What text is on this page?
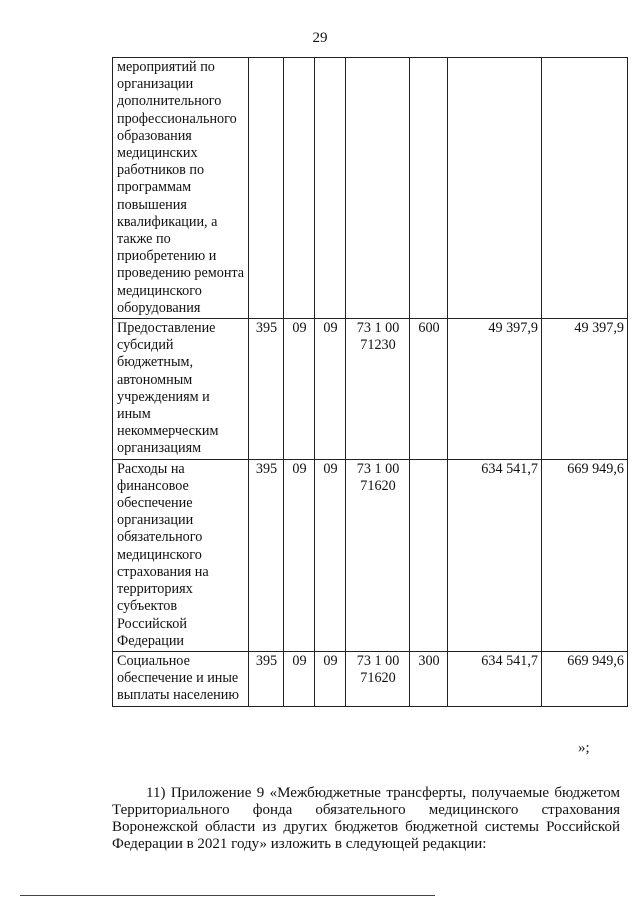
29
мероприятий по организации дополнительного профессионального образования медицинских работников по программам повышения квалификации, а также по приобретению и проведению ремонта медицинского оборудования							
Предоставление субсидий бюджетным, автономным учреждениям и иным некоммерческим организациям	395	09	09	73 1 00 71230	600	49 397,9	49 397,9
Расходы на финансовое обеспечение организации обязательного медицинского страхования на территориях субъектов Российской Федерации	395	09	09	73 1 00 71620		634 541,7	669 949,6
Социальное обеспечение и иные выплаты населению	395	09	09	73 1 00 71620	300	634 541,7	669 949,6
»;

11) Приложение 9 «Межбюджетные трансферты, получаемые бюджетом Территориального фонда обязательного медицинского страхования Воронежской области из других бюджетов бюджетной системы Российской Федерации в 2021 году» изложить в следующей редакции:
